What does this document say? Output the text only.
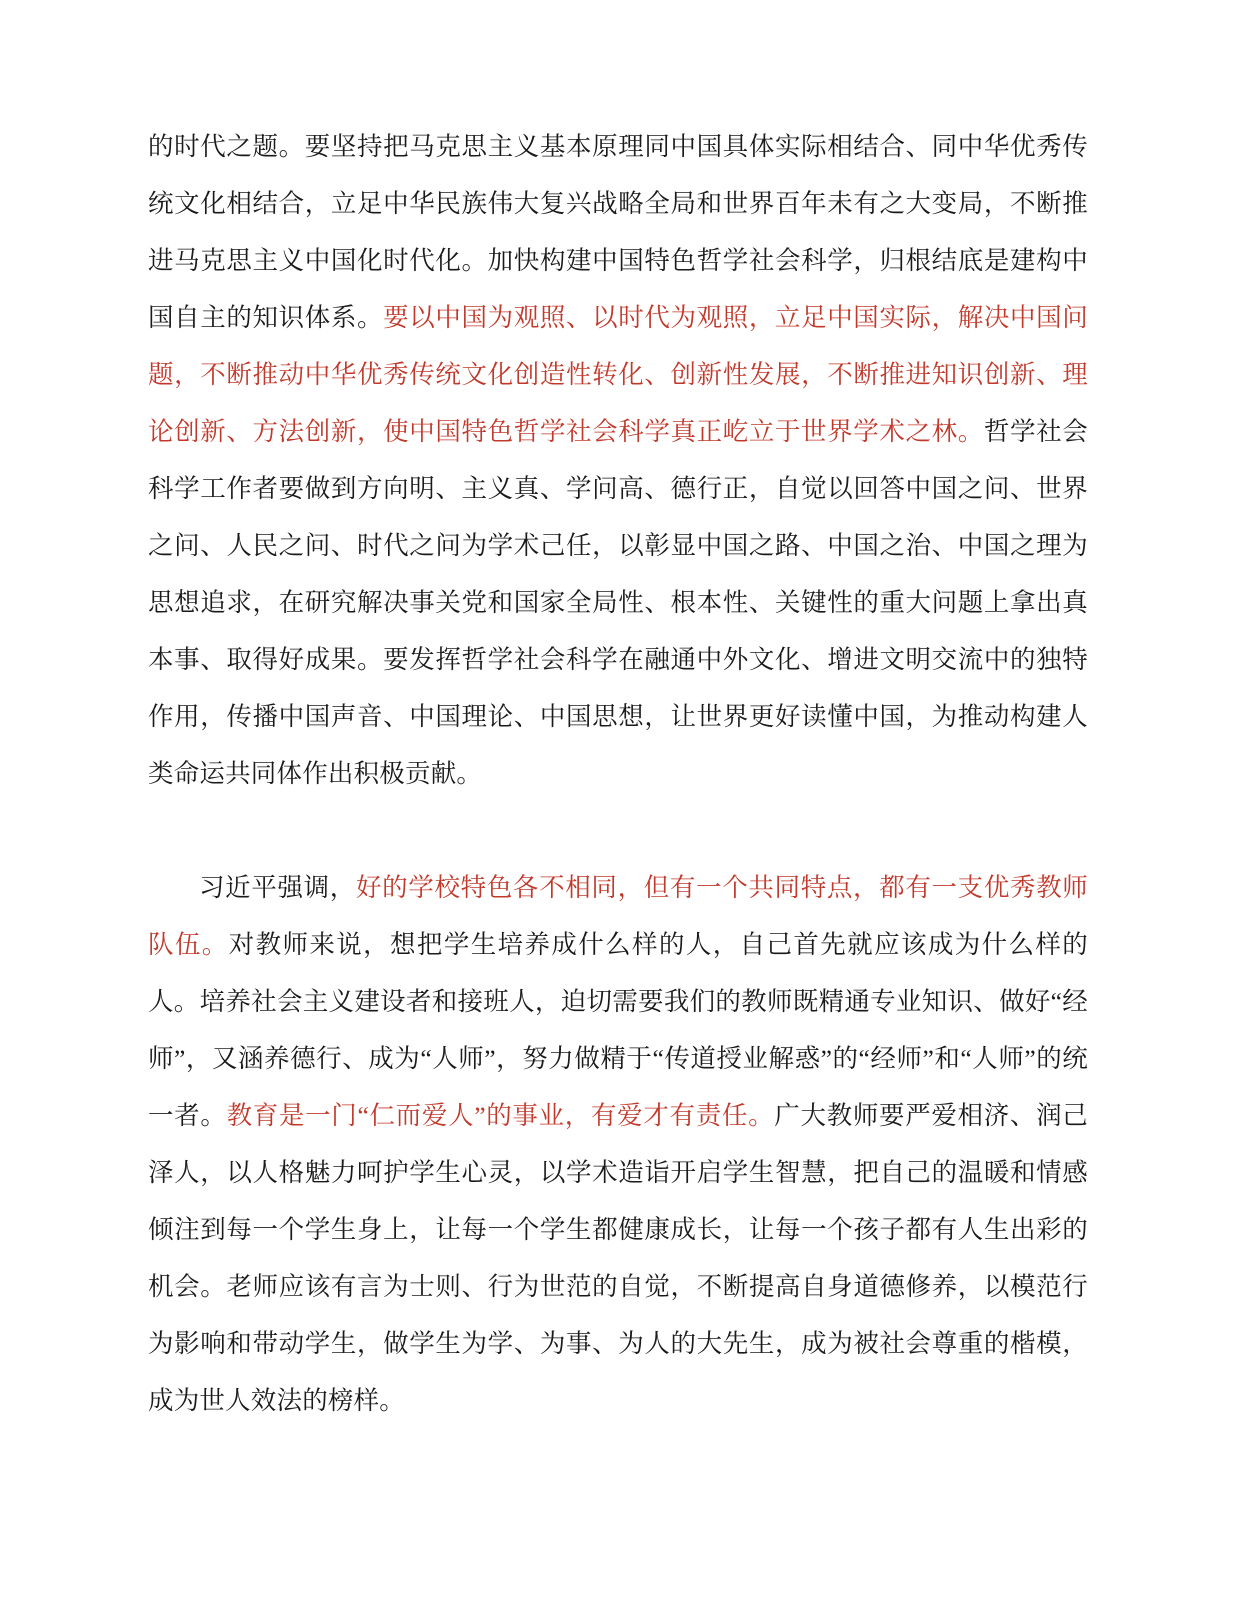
的时代之题。要坚持把马克思主义基本原理同中国具体实际相结合、同中华优秀传统文化相结合，立足中华民族伟大复兴战略全局和世界百年未有之大变局，不断推进马克思主义中国化时代化。加快构建中国特色哲学社会科学，归根结底是建构中国自主的知识体系。要以中国为观照、以时代为观照，立足中国实际，解决中国问题，不断推动中华优秀传统文化创造性转化、创新性发展，不断推进知识创新、理论创新、方法创新，使中国特色哲学社会科学真正屹立于世界学术之林。哲学社会科学工作者要做到方向明、主义真、学问高、德行正，自觉以回答中国之问、世界之问、人民之问、时代之问为学术己任，以彰显中国之路、中国之治、中国之理为思想追求，在研究解决事关党和国家全局性、根本性、关键性的重大问题上拿出真本事、取得好成果。要发挥哲学社会科学在融通中外文化、增进文明交流中的独特作用，传播中国声音、中国理论、中国思想，让世界更好读懂中国，为推动构建人类命运共同体作出积极贡献。

习近平强调，好的学校特色各不相同，但有一个共同特点，都有一支优秀教师队伍。对教师来说，想把学生培养成什么样的人，自己首先就应该成为什么样的人。培养社会主义建设者和接班人，迫切需要我们的教师既精通专业知识、做好“经师”，又涵养德行、成为“人师”，努力做精于“传道授业解惑”的“经师”和“人师”的统一者。教育是一门“仁而爱人”的事业，有爱才有责任。广大教师要严爱相济、润己泽人，以人格魅力呵护学生心灵，以学术造诣开启学生智慧，把自己的温暖和情感倾注到每一个学生身上，让每一个学生都健康成长，让每一个孩子都有人生出彩的机会。老师应该有言为士则、行为世范的自觉，不断提高自身道德修养，以模范行为影响和带动学生，做学生为学、为事、为人的大先生，成为被社会尊重的楷模，成为世人效法的榜样。
